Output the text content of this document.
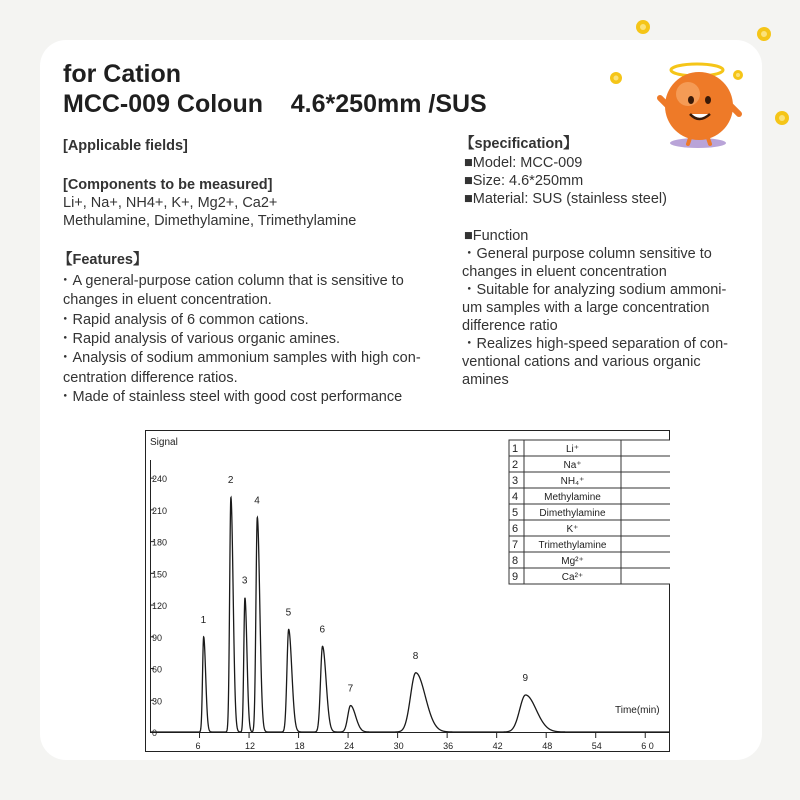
for Cation
MCC-009 Coloun    4.6*250mm /SUS
[Applicable fields]
[Components to be measured]
Li+, Na+, NH4+, K+, Mg2+, Ca2+
Methulamine, Dimethylamine, Trimethylamine
【Features】
・A general-purpose cation column that is sensitive to
changes in eluent concentration.
・Rapid analysis of 6 common cations.
・Rapid analysis of various organic amines.
・Analysis of sodium ammonium samples with high con-
centration difference ratios.
・Made of stainless steel with good cost performance
【specification】
■Model: MCC-009
■Size: 4.6*250mm
■Material: SUS (stainless steel)
■Function
・General purpose column sensitive to
changes in eluent concentration
・Suitable for analyzing sodium ammoni-
um samples with a large concentration
difference ratio
・Realizes high-speed separation of con-
ventional cations and various organic
amines
Signal
Time(min)
0
30
60
90
120
150
180
210
240
6	12	18	24	30	36	42	48	54	6 0
1
2
3
4
5
6
7
8
9
1	Li⁺
2	Na⁺
3	NH₄⁺
4	Methylamine
5 Dimethylamine
6	K⁺
7 Trimethylamine
8	Mg²⁺
9	Ca²⁺
